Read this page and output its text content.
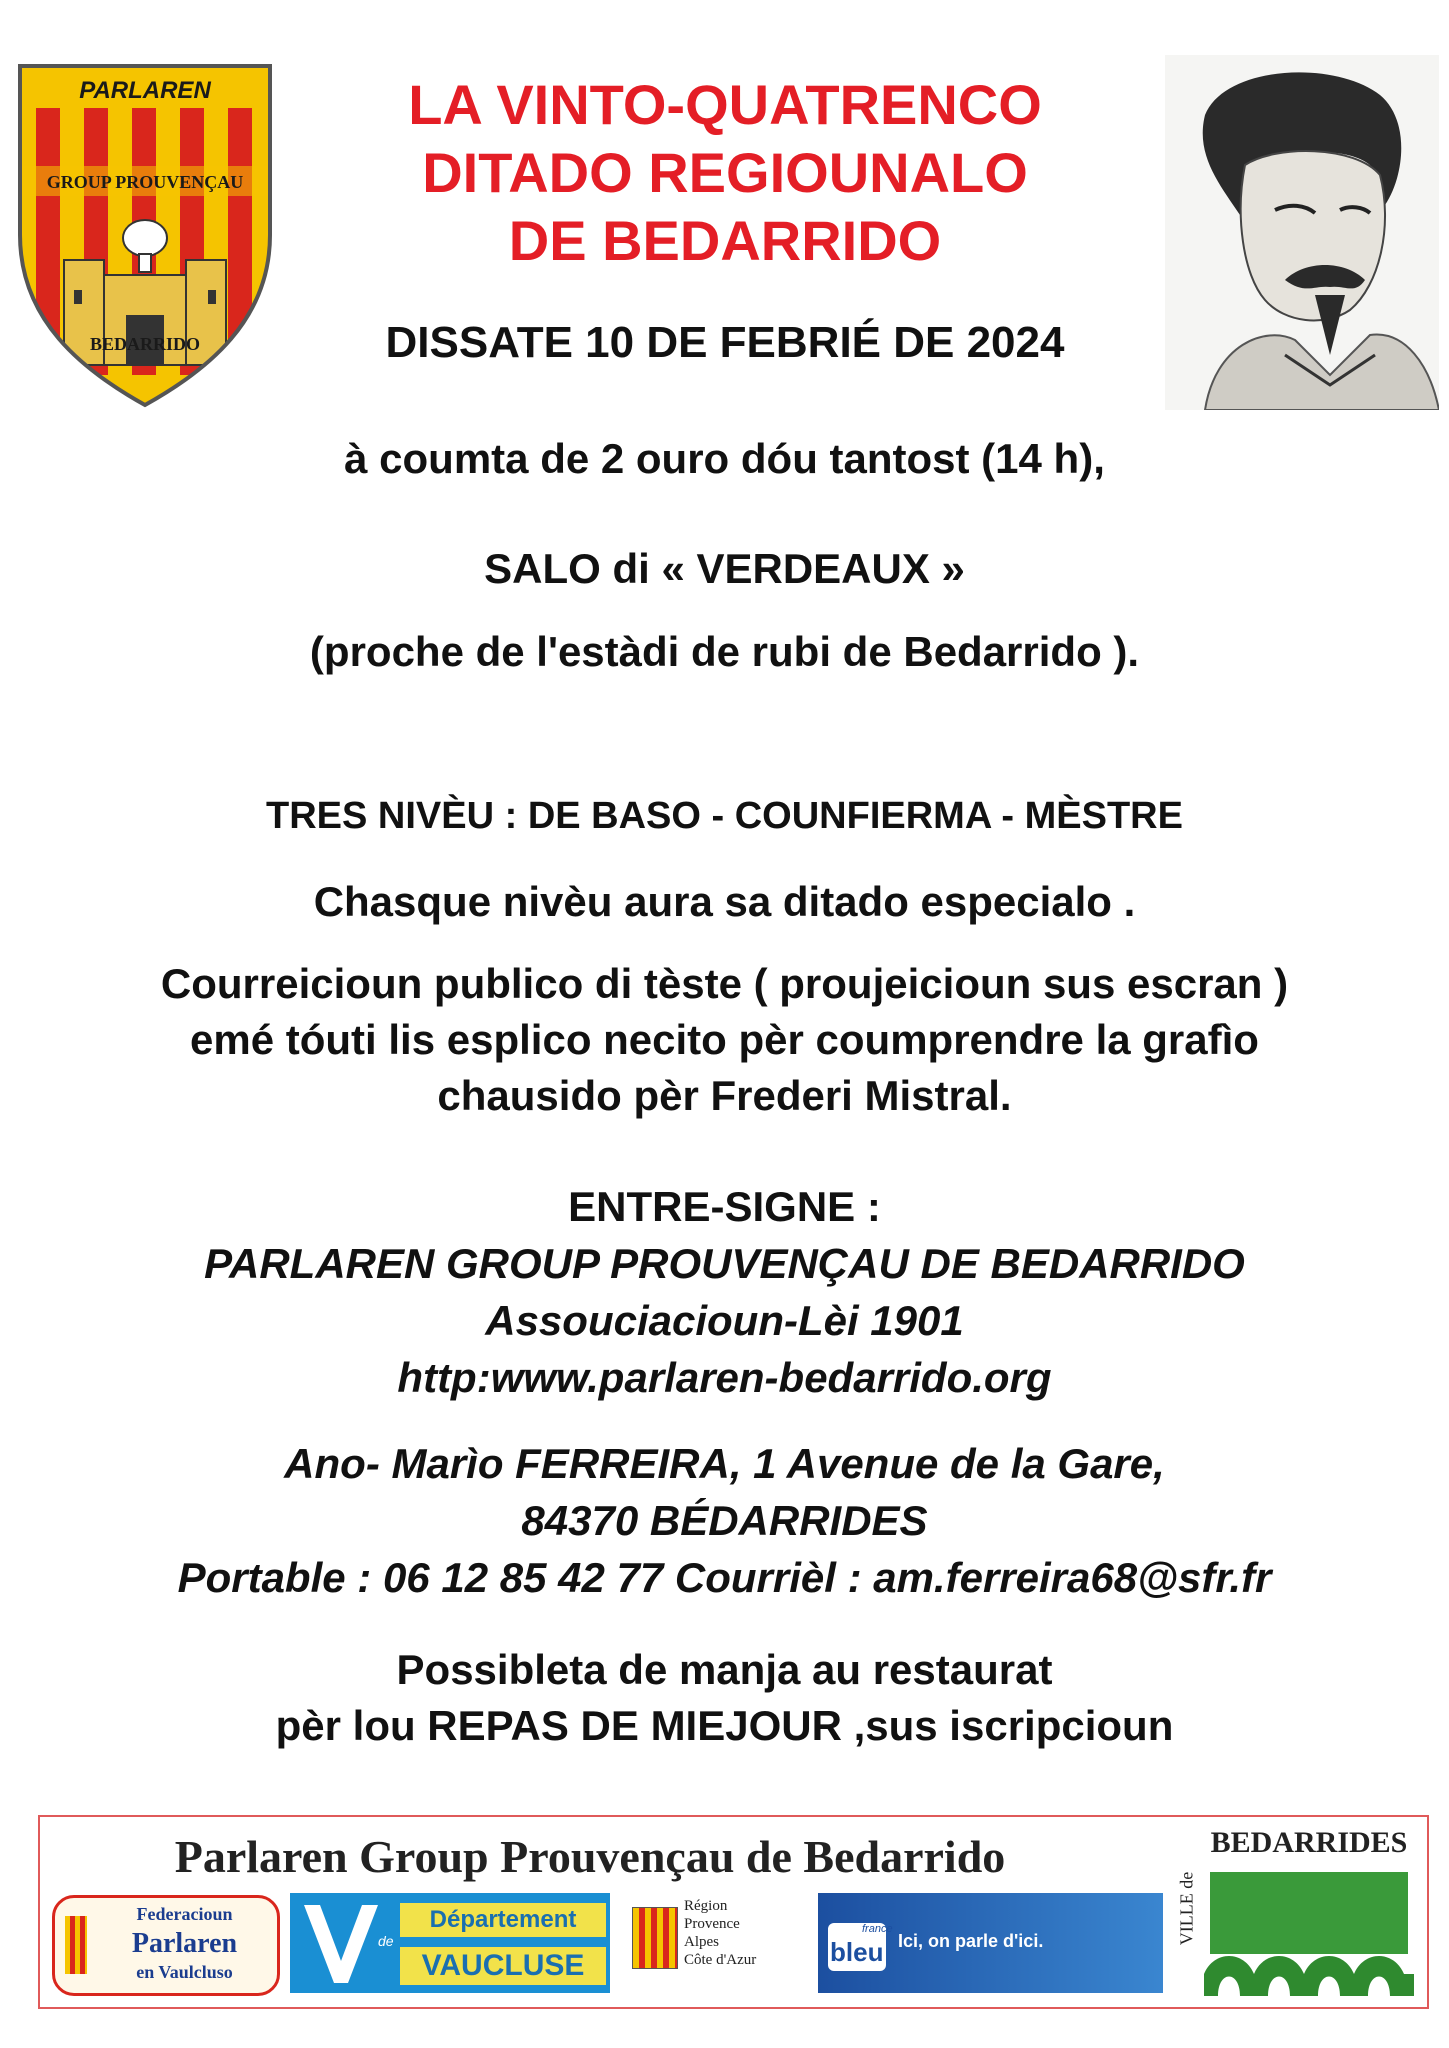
PARLAREN
GROUP PROUVENÇAU
BEDARRIDO
LA VINTO-QUATRENCO
DITADO REGIOUNALO
DE BEDARRIDO
DISSATE 10 DE FEBRIÉ DE 2024
à coumta de 2 ouro dóu tantost (14 h),
SALO di « VERDEAUX »
(proche de l'estàdi de rubi de Bedarrido ).
TRES NIVÈU : DE BASO - COUNFIERMA - MÈSTRE
Chasque nivèu aura sa ditado especialo .
Courreicioun publico di tèste ( proujeicioun sus escran )
emé tóuti lis esplico necito pèr coumprendre la grafìo
chausido pèr Frederi Mistral.
ENTRE-SIGNE :
PARLAREN GROUP PROUVENÇAU DE BEDARRIDO
Assouciacioun-Lèi 1901
http:www.parlaren-bedarrido.org
Ano- Marìo FERREIRA, 1 Avenue de la Gare,
84370 BÉDARRIDES
Portable : 06 12 85 42 77 Courrièl : am.ferreira68@sfr.fr
Possibleta de manja au restaurat
pèr lou REPAS DE MIEJOUR ,sus iscripcioun
Parlaren Group Prouvençau de Bedarrido
Federacioun
Parlaren
en Vaulcluso
de
Département
VAUCLUSE
Région
Provence
Alpes
Côte d'Azur
france
bleu Ici, on parle d'ici.	VILLE de
BEDARRIDES
